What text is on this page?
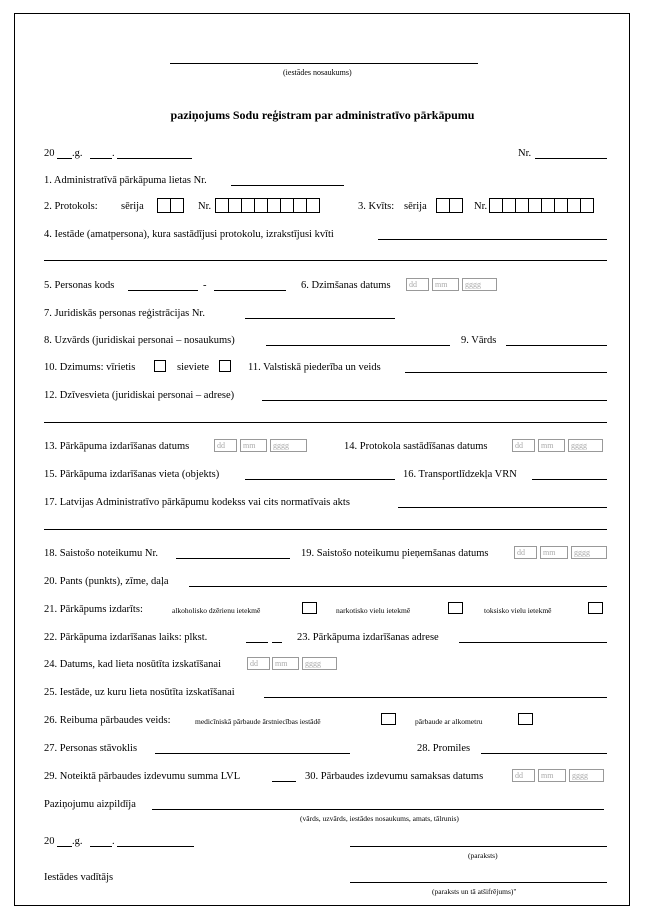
(iestādes nosaukums)
paziņojums Sodu reģistram par administratīvo pārkāpumu
20 .g.	.	Nr.
1. Administratīvā pārkāpuma lietas Nr.
2. Protokols: sērija	Nr.	3. Kvīts: sērija	Nr.
4. Iestāde (amatpersona), kura sastādījusi protokolu, izrakstījusi kvīti
5. Personas kods	-	6. Dzimšanas datums	dd	mm	gggg
7. Juridiskās personas reģistrācijas Nr.
8. Uzvārds (juridiskai personai – nosaukums)	9. Vārds
10. Dzimums: vīrietis	sieviete	11. Valstiskā piederība un veids
12. Dzīvesvieta (juridiskai personai – adrese)
13. Pārkāpuma izdarīšanas datums	dd	mm	gggg	14. Protokola sastādīšanas datums	dd	mm	gggg
15. Pārkāpuma izdarīšanas vieta (objekts)	16. Transportlīdzekļa VRN
17. Latvijas Administratīvo pārkāpumu kodekss vai cits normatīvais akts
18. Saistošo noteikumu Nr.	19. Saistošo noteikumu pieņemšanas datums	dd	mm	gggg
20. Pants (punkts), zīme, daļa
21. Pārkāpums izdarīts:	alkoholisko dzērienu ietekmē	narkotisko vielu ietekmē	toksisko vielu ietekmē
22. Pārkāpuma izdarīšanas laiks: plkst.	23. Pārkāpuma izdarīšanas adrese
24. Datums, kad lieta nosūtīta izskatīšanai	dd	mm	gggg
25. Iestāde, uz kuru lieta nosūtīta izskatīšanai
26. Reibuma pārbaudes veids:	medicīniskā pārbaude ārstniecības iestādē	pārbaude ar alkometru
27. Personas stāvoklis	28. Promiles
29. Noteiktā pārbaudes izdevumu summa LVL	30. Pārbaudes izdevumu samaksas datums	dd	mm	gggg
Paziņojumu aizpildīja
(vārds, uzvārds, iestādes nosaukums, amats, tālrunis)
20 .g.	.
(paraksts)
Iestādes vadītājs
(paraksts un tā atšifrējums)"
